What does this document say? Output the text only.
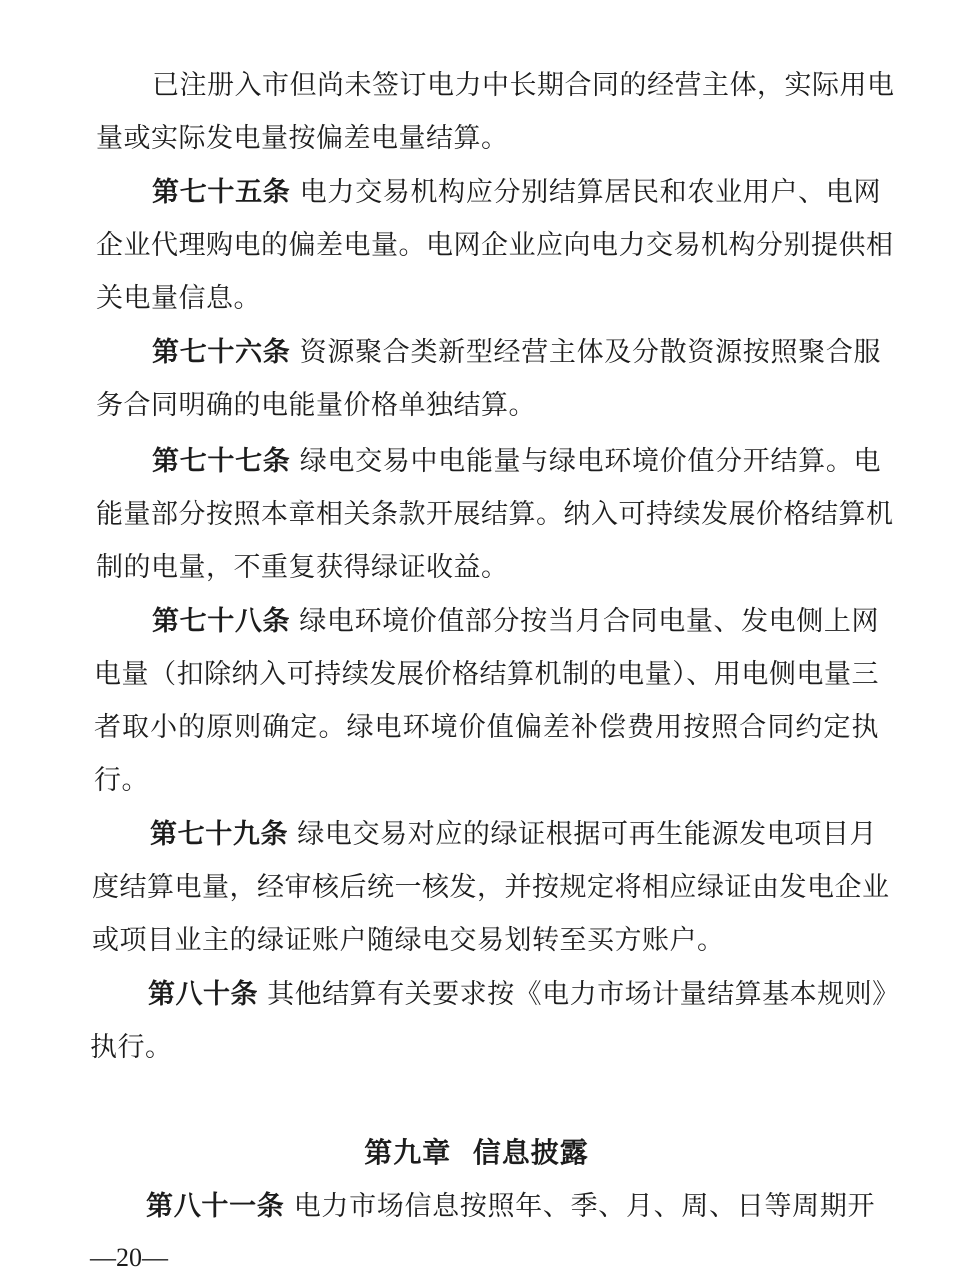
已注册入市但尚未签订电力中长期合同的经营主体，实际用电
量或实际发电量按偏差电量结算。
第七十五条 电力交易机构应分别结算居民和农业用户、电网
企业代理购电的偏差电量。电网企业应向电力交易机构分别提供相
关电量信息。
第七十六条 资源聚合类新型经营主体及分散资源按照聚合服
务合同明确的电能量价格单独结算。
第七十七条 绿电交易中电能量与绿电环境价值分开结算。电
能量部分按照本章相关条款开展结算。纳入可持续发展价格结算机
制的电量，不重复获得绿证收益。
第七十八条 绿电环境价值部分按当月合同电量、发电侧上网
电量（扣除纳入可持续发展价格结算机制的电量）、用电侧电量三
者取小的原则确定。绿电环境价值偏差补偿费用按照合同约定执
行。
第七十九条 绿电交易对应的绿证根据可再生能源发电项目月
度结算电量，经审核后统一核发，并按规定将相应绿证由发电企业
或项目业主的绿证账户随绿电交易划转至买方账户。
第八十条 其他结算有关要求按《电力市场计量结算基本规则》
执行。
第九章  信息披露
第八十一条 电力市场信息按照年、季、月、周、日等周期开
—20—
